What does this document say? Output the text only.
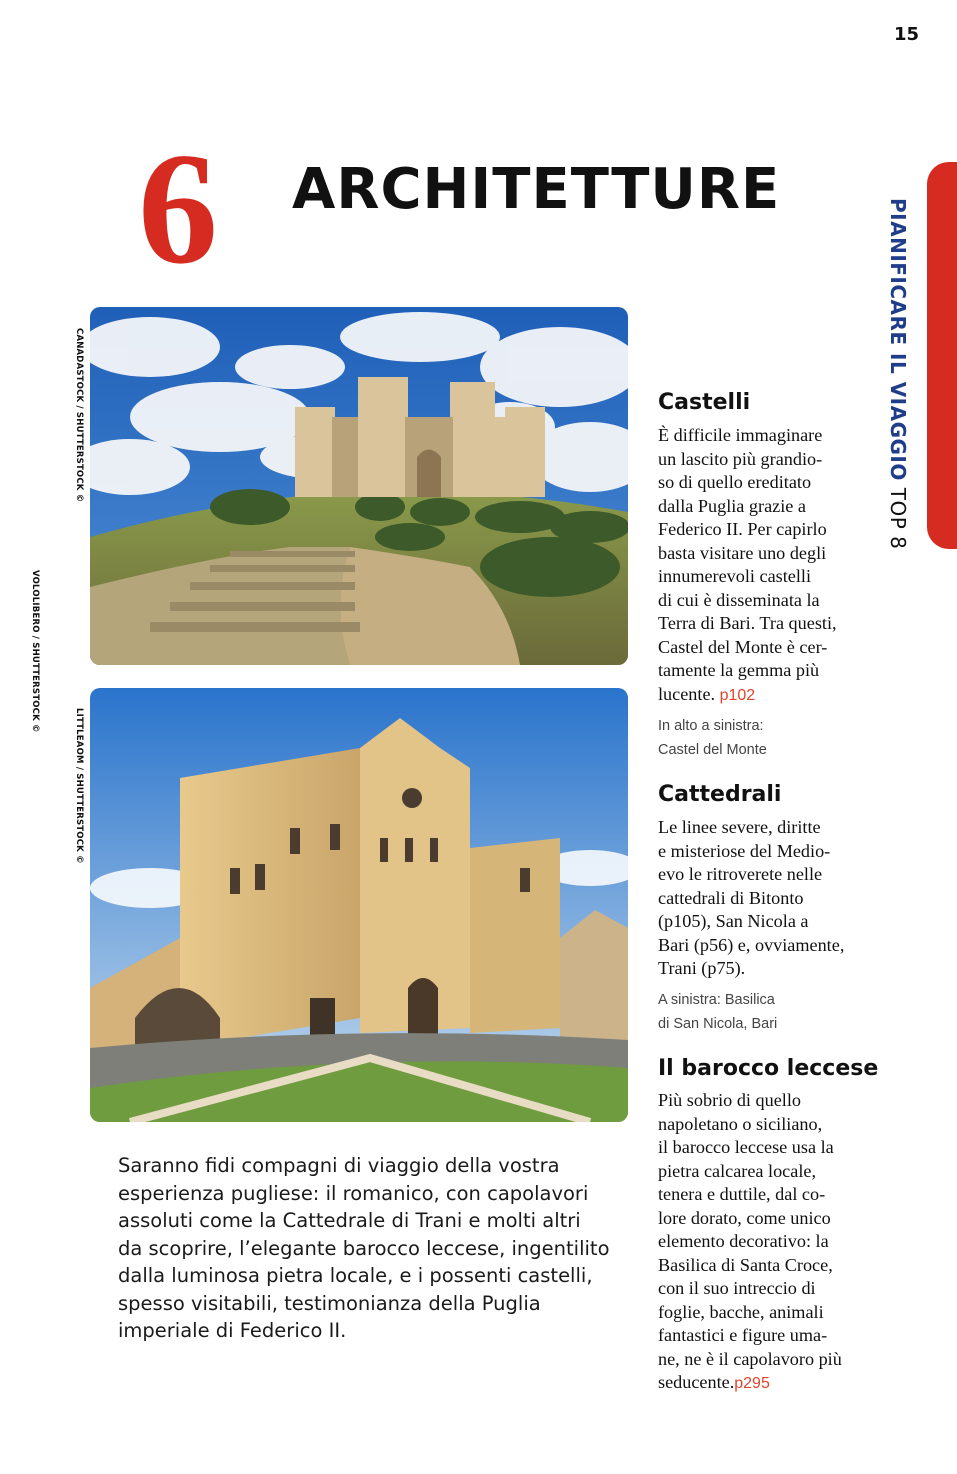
15
6 ARCHITETTURE
PIANIFICARE IL VIAGGIO TOP 8
CANADASTOCK / SHUTTERSTOCK ©
VOLOLIBERO / SHUTTERSTOCK ©
LITTLEAOM / SHUTTERSTOCK ©
Castelli
È difficile immaginare
un lascito più grandio-
so di quello ereditato
dalla Puglia grazie a
Federico II. Per capirlo
basta visitare uno degli
innumerevoli castelli
di cui è disseminata la
Terra di Bari. Tra questi,
Castel del Monte è cer-
tamente la gemma più
lucente. p102
In alto a sinistra:
Castel del Monte
Cattedrali
Le linee severe, diritte
e misteriose del Medio-
evo le ritroverete nelle
cattedrali di Bitonto
(p105), San Nicola a
Bari (p56) e, ovviamente,
Trani (p75).
A sinistra: Basilica
di San Nicola, Bari
Il barocco leccese
Più sobrio di quello
napoletano o siciliano,
il barocco leccese usa la
pietra calcarea locale,
tenera e duttile, dal co-
lore dorato, come unico
elemento decorativo: la
Basilica di Santa Croce,
con il suo intreccio di
foglie, bacche, animali
fantastici e figure uma-
ne, ne è il capolavoro più
seducente.p295
Saranno fidi compagni di viaggio della vostra
esperienza pugliese: il romanico, con capolavori
assoluti come la Cattedrale di Trani e molti altri
da scoprire, l’elegante barocco leccese, ingentilito
dalla luminosa pietra locale, e i possenti castelli,
spesso visitabili, testimonianza della Puglia
imperiale di Federico II.
